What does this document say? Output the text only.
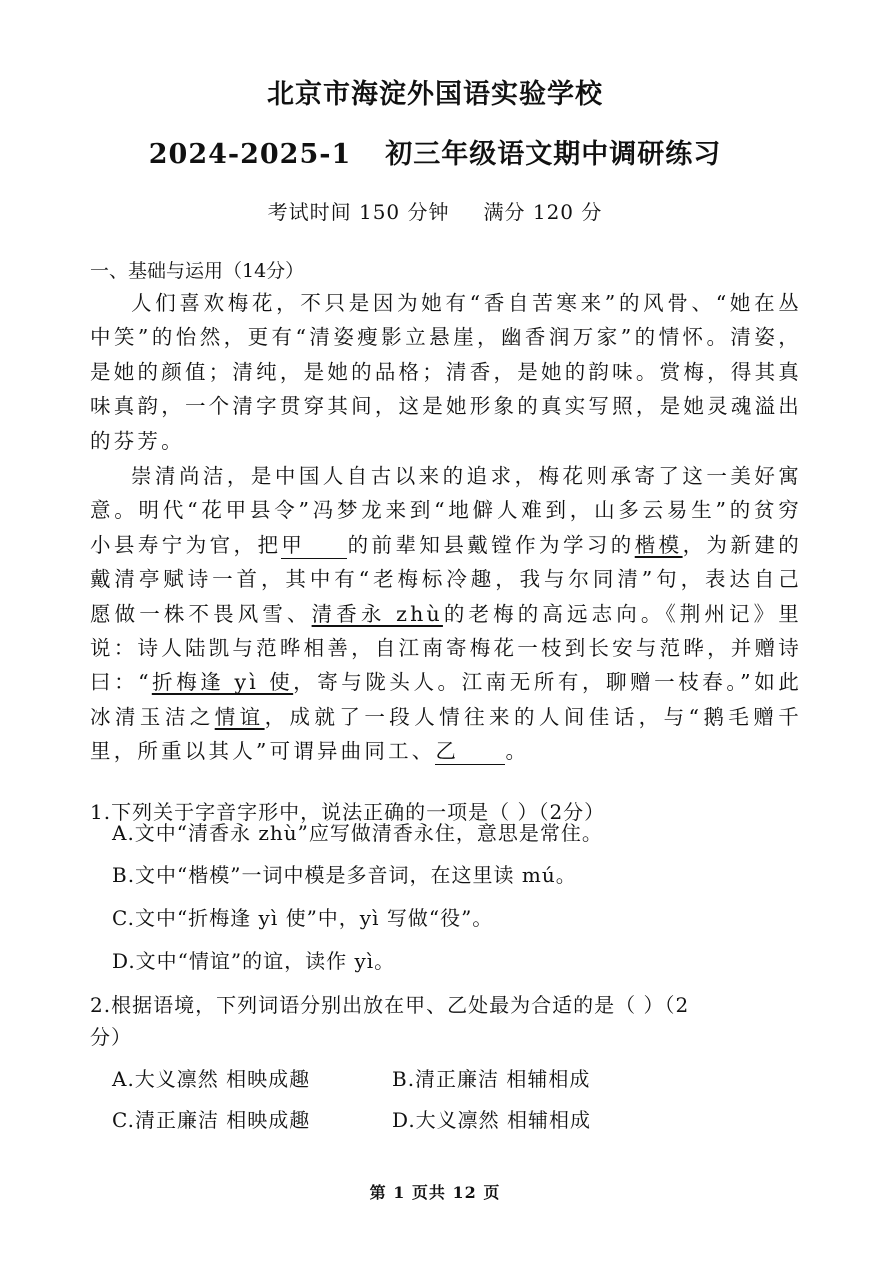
北京市海淀外国语实验学校
2024-2025-1 初三年级语文期中调研练习
考试时间 150 分钟 满分 120 分
一、基础与运用（14分）

人们喜欢梅花，不只是因为她有“香自苦寒来”的风骨、“她在丛中笑”的怡然，更有“清姿瘦影立悬崖，幽香润万家”的情怀。清姿，是她的颜值；清纯，是她的品格；清香，是她的韵味。赏梅，得其真味真韵，一个清字贯穿其间，这是她形象的真实写照，是她灵魂溢出的芬芳。

崇清尚洁，是中国人自古以来的追求，梅花则承寄了这一美好寓意。明代“花甲县令”冯梦龙来到“地僻人难到，山多云易生”的贫穷小县寿宁为官，把甲 的前辈知县戴镗作为学习的楷模，为新建的戴清亭赋诗一首，其中有“老梅标冷趣，我与尔同清”句，表达自己愿做一株不畏风雪、清香永 zhù的老梅的高远志向。《荆州记》里说：诗人陆凯与范晔相善，自江南寄梅花一枝到长安与范晔，并赠诗曰：“折梅逢 yì 使，寄与陇头人。江南无所有，聊赠一枝春。”如此冰清玉洁之情谊，成就了一段人情往来的人间佳话，与“鹅毛赠千里，所重以其人”可谓异曲同工、乙 。

1.下列关于字音字形中，说法正确的一项是（ ）（2分）
A.文中“清香永 zhù”应写做清香永住，意思是常住。
B.文中“楷模”一词中模是多音词，在这里读 mú。
C.文中“折梅逢 yì 使”中，yì 写做“役”。
D.文中“情谊”的谊，读作 yì。
2.根据语境，下列词语分别出放在甲、乙处最为合适的是（ ）（2
分）
A.大义凛然 相映成趣	B.清正廉洁 相辅相成
C.清正廉洁 相映成趣	D.大义凛然 相辅相成
第 1 页共 12 页
